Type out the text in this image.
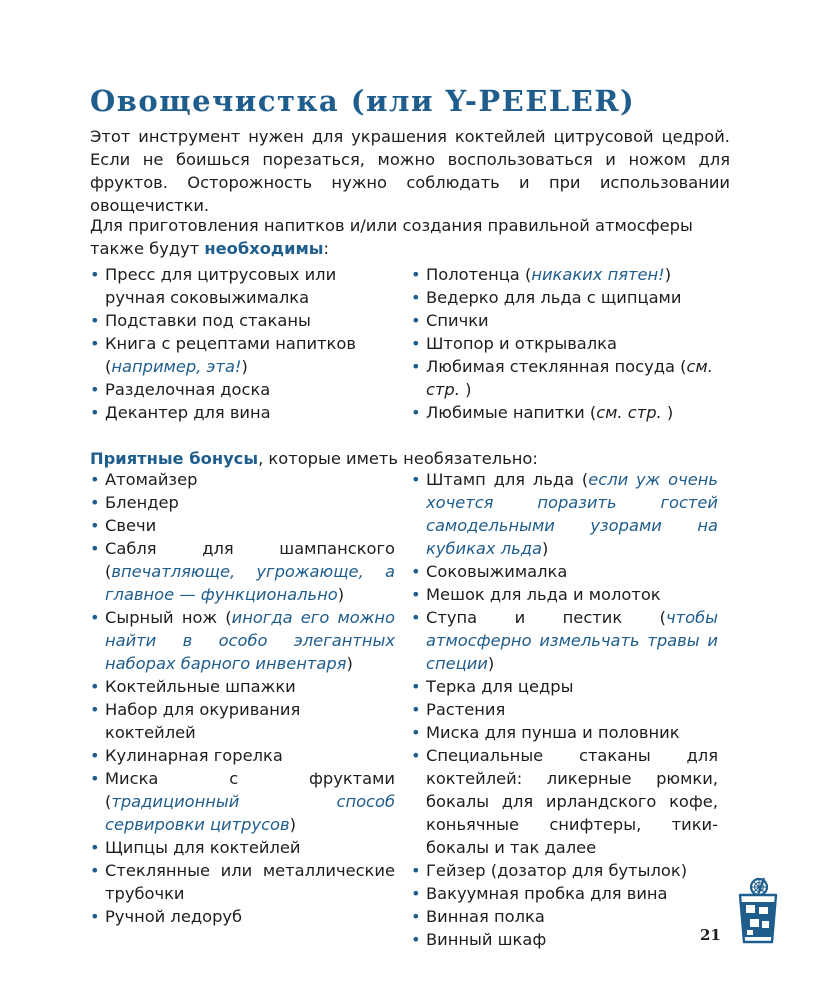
Овощечистка (или Y-PEELER)

Этот инструмент нужен для украшения коктейлей цитрусовой цедрой. Если не боишься порезаться, можно воспользоваться и ножом для фруктов. Осторожность нужно соблюдать и при использовании овощечистки.

Для приготовления напитков и/или создания правильной атмосферы также будут необходимы:

• Пресс для цитрусовых или ручная соковыжималка
• Подставки под стаканы
• Книга с рецептами напитков (например, эта!)
• Разделочная доска
• Декантер для вина
• Полотенца (никаких пятен!)
• Ведерко для льда с щипцами
• Спички
• Штопор и открывалка
• Любимая стеклянная посуда (см. стр. )
• Любимые напитки (см. стр. )

Приятные бонусы, которые иметь необязательно:

• Атомайзер
• Блендер
• Свечи
• Сабля для шампанского (впечатляюще, угрожающе, а главное — функционально)
• Сырный нож (иногда его можно найти в особо элегантных наборах барного инвентаря)
• Коктейльные шпажки
• Набор для окуривания коктейлей
• Кулинарная горелка
• Миска с фруктами (традиционный способ сервировки цитрусов)
• Щипцы для коктейлей
• Стеклянные или металлические трубочки
• Ручной ледоруб
• Штамп для льда (если уж очень хочется поразить гостей самодельными узорами на кубиках льда)
• Соковыжималка
• Мешок для льда и молоток
• Ступа и пестик (чтобы атмосферно измельчать травы и специи)
• Терка для цедры
• Растения
• Миска для пунша и половник
• Специальные стаканы для коктейлей: ликерные рюмки, бокалы для ирландского кофе, коньячные снифтеры, тики-бокалы и так далее
• Гейзер (дозатор для бутылок)
• Вакуумная пробка для вина
• Винная полка
• Винный шкаф	21
